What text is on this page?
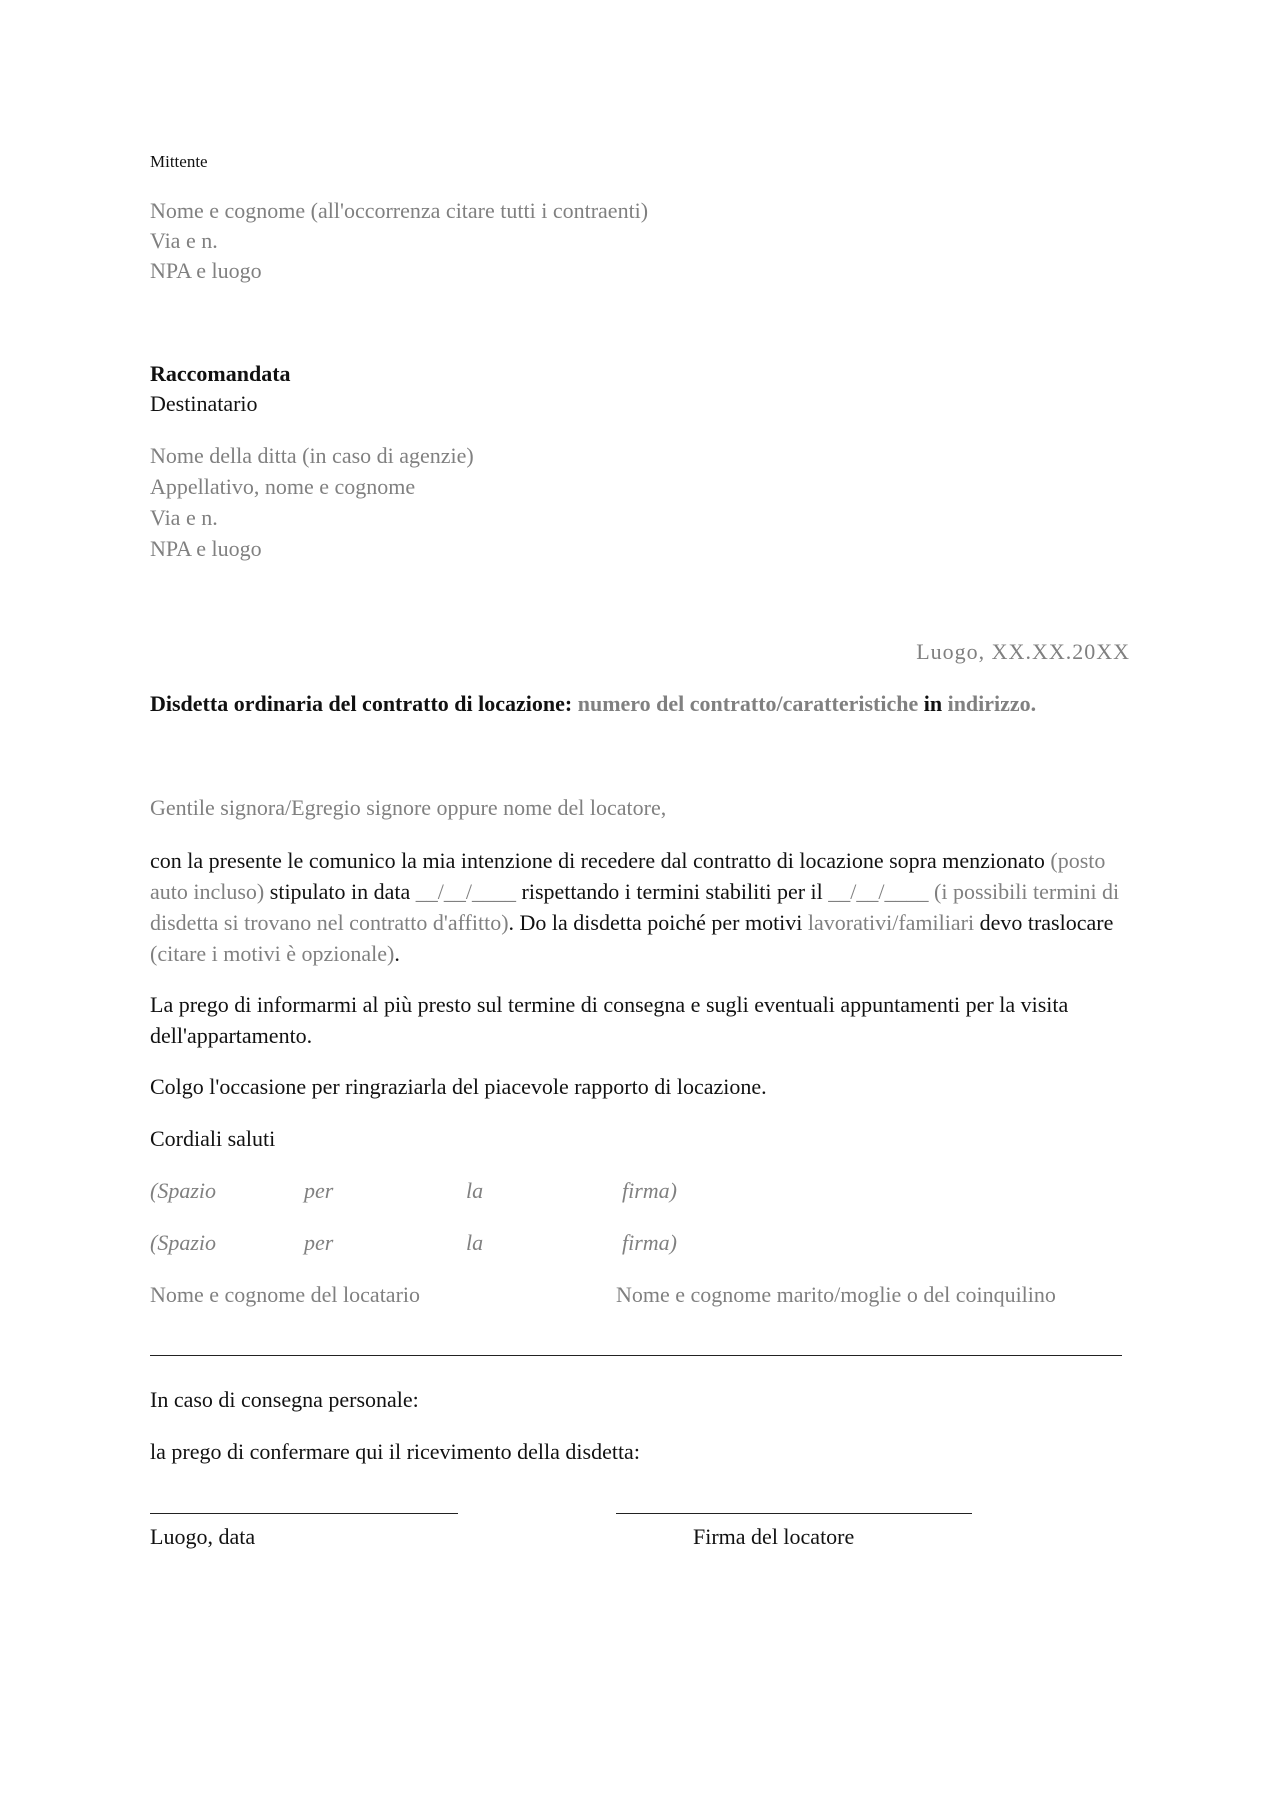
Mittente
Nome e cognome (all'occorrenza citare tutti i contraenti)
Via e n.
NPA e luogo
Raccomandata
Destinatario
Nome della ditta (in caso di agenzie)
Appellativo, nome e cognome
Via e n.
NPA e luogo
Luogo, XX.XX.20XX
Disdetta ordinaria del contratto di locazione: numero del contratto/caratteristiche in indirizzo.
Gentile signora/Egregio signore oppure nome del locatore,
con la presente le comunico la mia intenzione di recedere dal contratto di locazione sopra menzionato (posto auto incluso) stipulato in data __/__/____ rispettando i termini stabiliti per il __/__/____ (i possibili termini di disdetta si trovano nel contratto d'affitto). Do la disdetta poiché per motivi lavorativi/familiari devo traslocare (citare i motivi è opzionale).
La prego di informarmi al più presto sul termine di consegna e sugli eventuali appuntamenti per la visita dell'appartamento.
Colgo l'occasione per ringraziarla del piacevole rapporto di locazione.
Cordiali saluti
(Spazio	per	la	firma)
(Spazio	per	la	firma)
Nome e cognome del locatario	Nome e cognome marito/moglie o del coinquilino
In caso di consegna personale:
la prego di confermare qui il ricevimento della disdetta:
Luogo, data	Firma del locatore
